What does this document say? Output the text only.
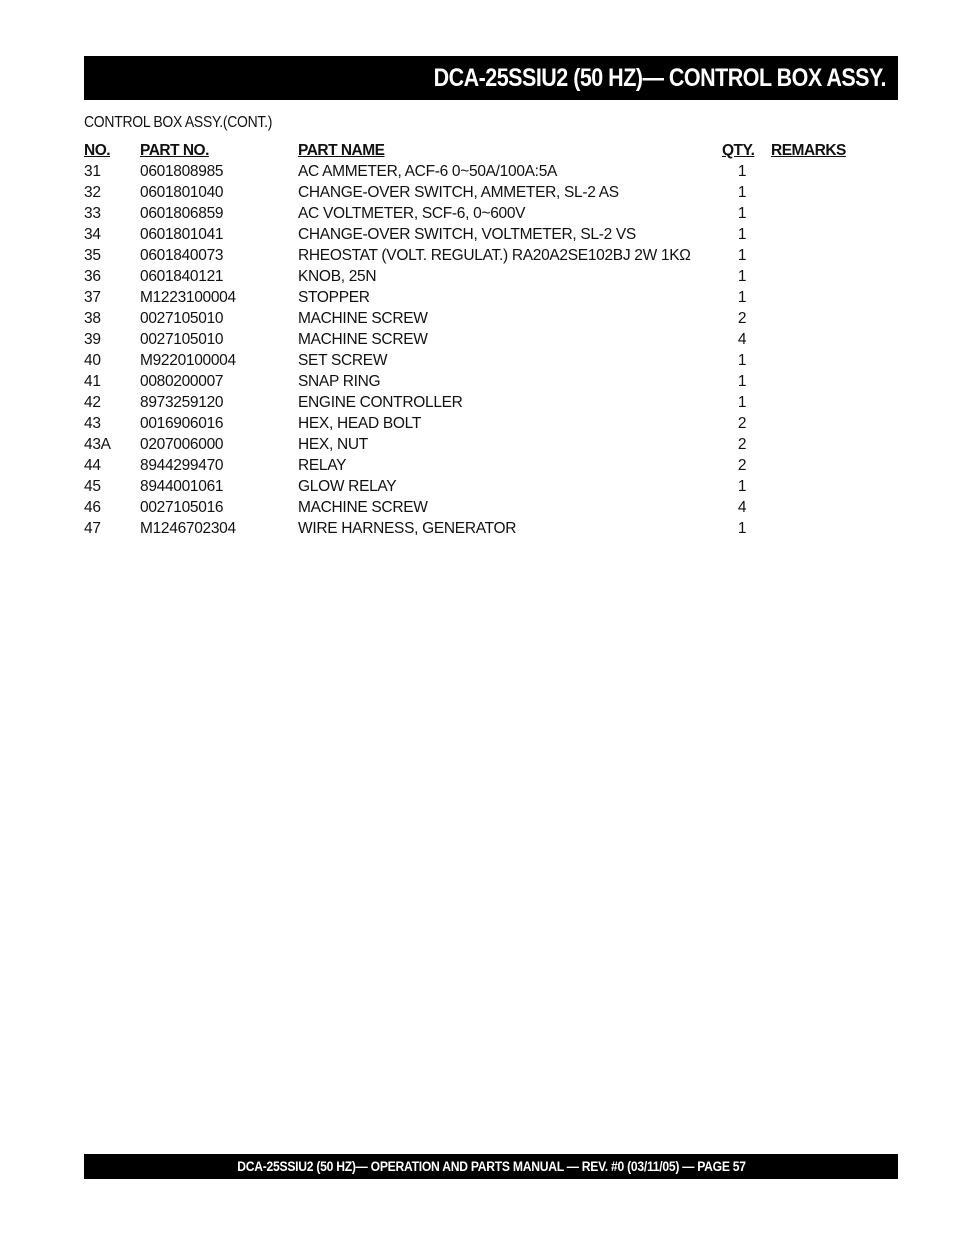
DCA-25SSIU2 (50 HZ)— CONTROL BOX ASSY.
CONTROL BOX ASSY.(CONT.)
NO. PART NO.	PART NAME	QTY.	REMARKS
31	0601808985	AC AMMETER, ACF-6 0~50A/100A:5A	1
32	0601801040	CHANGE-OVER SWITCH, AMMETER, SL-2 AS	1
33	0601806859	AC VOLTMETER, SCF-6, 0~600V	1
34	0601801041	CHANGE-OVER SWITCH, VOLTMETER, SL-2 VS	1
35	0601840073	RHEOSTAT (VOLT. REGULAT.) RA20A2SE102BJ 2W 1KΩ	1
36	0601840121	KNOB, 25N	1
37	M1223100004	STOPPER	1
38	0027105010	MACHINE SCREW	2
39	0027105010	MACHINE SCREW	4
40	M9220100004	SET SCREW	1
41	0080200007	SNAP RING	1
42	8973259120	ENGINE CONTROLLER	1
43	0016906016	HEX, HEAD BOLT	2
43A 0207006000	HEX, NUT	2
44	8944299470	RELAY	2
45	8944001061	GLOW RELAY	1
46	0027105016	MACHINE SCREW	4
47	M1246702304	WIRE HARNESS, GENERATOR	1
DCA-25SSIU2 (50 HZ)— OPERATION AND PARTS MANUAL — REV. #0 (03/11/05) — PAGE 57
